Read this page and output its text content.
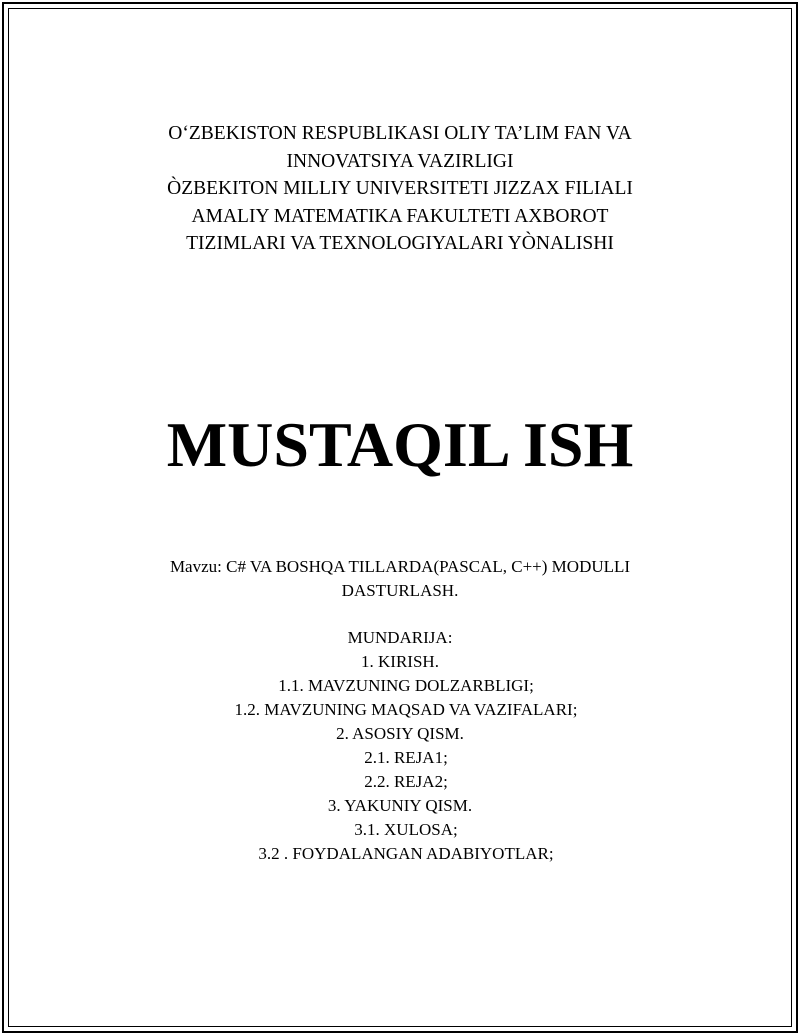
O‘ZBEKISTON RESPUBLIKASI OLIY TA’LIM FAN VA
INNOVATSIYA VAZIRLIGI
ÒZBEKITON MILLIY UNIVERSITETI JIZZAX FILIALI
AMALIY MATEMATIKA FAKULTETI AXBOROT
TIZIMLARI VA TEXNOLOGIYALARI YÒNALISHI
MUSTAQIL ISH
Mavzu: C# VA BOSHQA TILLARDA(PASCAL, C++) MODULLI
DASTURLASH.
MUNDARIJA:
1. KIRISH.
1.1. MAVZUNING DOLZARBLIGI;
1.2. MAVZUNING MAQSAD VA VAZIFALARI;
2. ASOSIY QISM.
2.1. REJA1;
2.2. REJA2;
3. YAKUNIY QISM.
3.1. XULOSA;
3.2 . FOYDALANGAN ADABIYOTLAR;
